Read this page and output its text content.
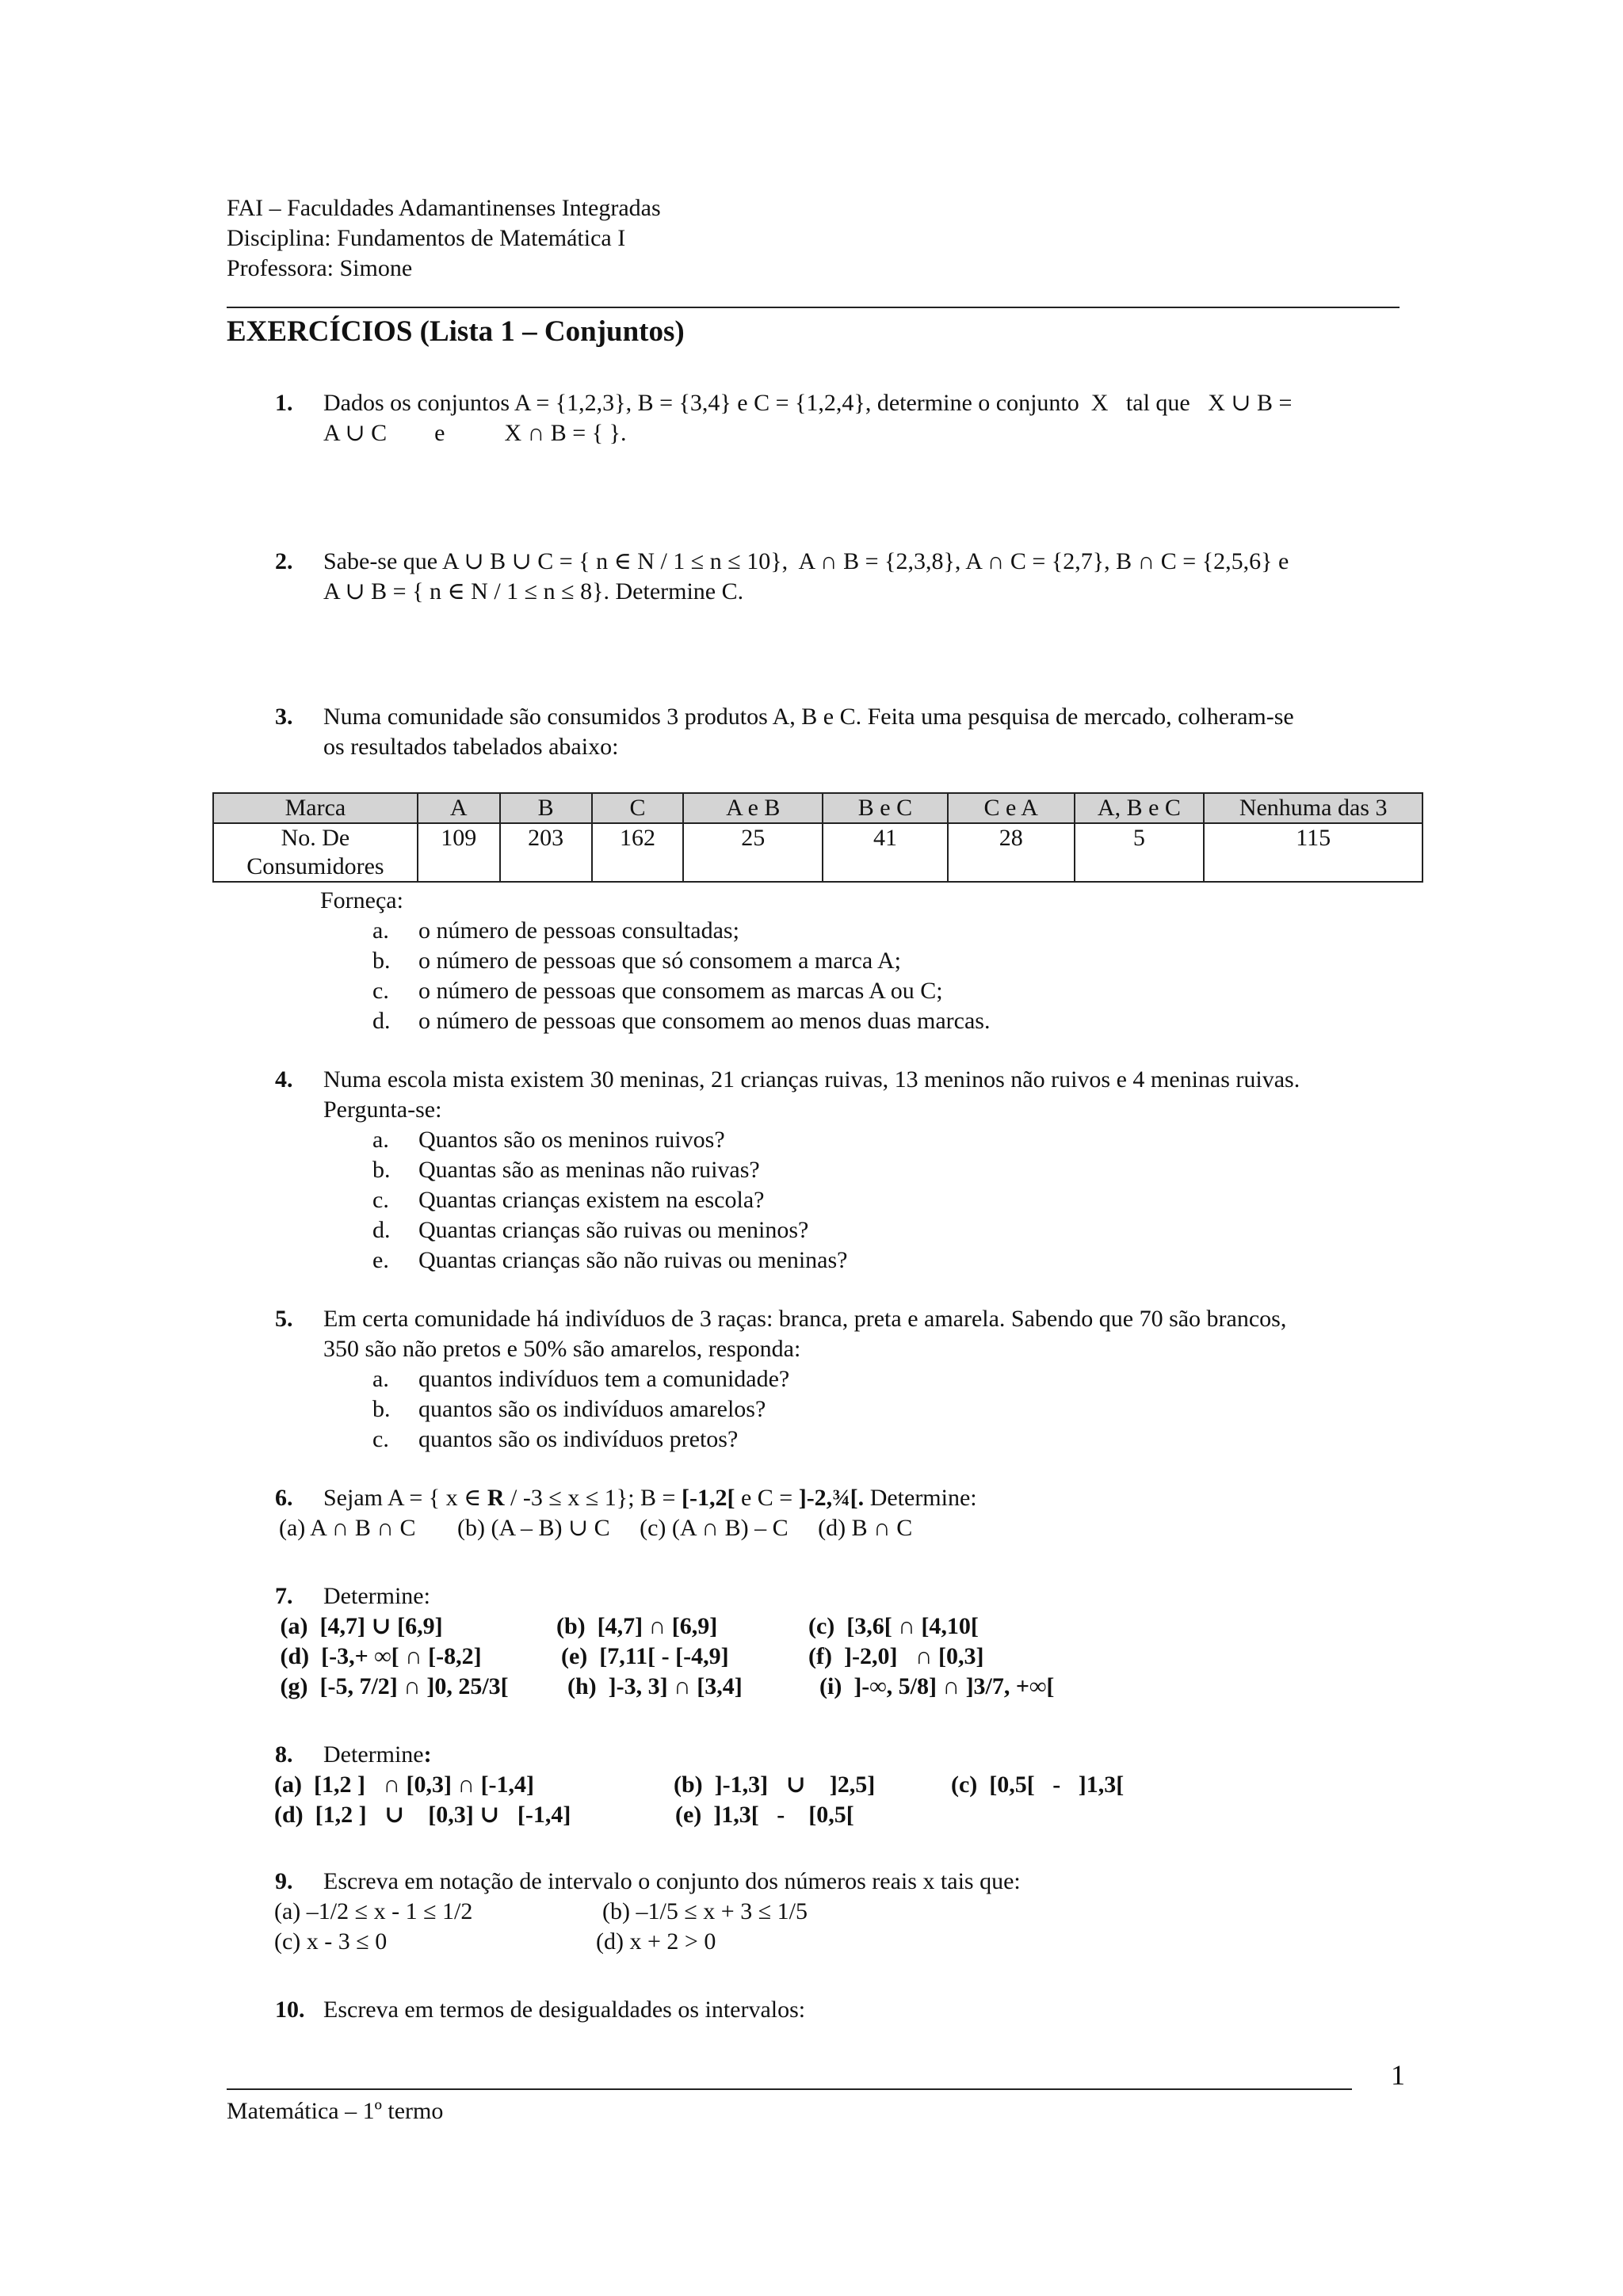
FAI – Faculdades Adamantinenses Integradas
Disciplina: Fundamentos de Matemática I
Professora: Simone
EXERCÍCIOS (Lista 1 – Conjuntos)
1. Dados os conjuntos A = {1,2,3}, B = {3,4} e C = {1,2,4}, determine o conjunto  X   tal que   X ∪ B =
A ∪ C        e          X ∩ B = { }.
2. Sabe-se que A ∪ B ∪ C = { n ∈ N / 1 ≤ n ≤ 10},  A ∩ B = {2,3,8}, A ∩ C = {2,7}, B ∩ C = {2,5,6} e
A ∪ B = { n ∈ N / 1 ≤ n ≤ 8}. Determine C.
3. Numa comunidade são consumidos 3 produtos A, B e C. Feita uma pesquisa de mercado, colheram-se
os resultados tabelados abaixo:
Marca	A	B	C	A e B	B e C	C e A	A, B e C	Nenhuma das 3

No. De
Consumidores	109	203	162	25	41	28	5	115
Forneça:
a. o número de pessoas consultadas;
b. o número de pessoas que só consomem a marca A;
c. o número de pessoas que consomem as marcas A ou C;
d. o número de pessoas que consomem ao menos duas marcas.
4. Numa escola mista existem 30 meninas, 21 crianças ruivas, 13 meninos não ruivos e 4 meninas ruivas.
Pergunta-se:
a. Quantos são os meninos ruivos?
b. Quantas são as meninas não ruivas?
c. Quantas crianças existem na escola?
d. Quantas crianças são ruivas ou meninos?
e. Quantas crianças são não ruivas ou meninas?
5. Em certa comunidade há indivíduos de 3 raças: branca, preta e amarela. Sabendo que 70 são brancos,
350 são não pretos e 50% são amarelos, responda:
a. quantos indivíduos tem a comunidade?
b. quantos são os indivíduos amarelos?
c. quantos são os indivíduos pretos?
6. Sejam A = { x ∈ R / -3 ≤ x ≤ 1}; B = [-1,2[ e C = ]-2,¾[. Determine:
(a) A ∩ B ∩ C       (b) (A – B) ∪ C     (c) (A ∩ B) – C     (d) B ∩ C
7. Determine:
(a)  [4,7] ∪ [6,9]	(b)  [4,7] ∩ [6,9]	(c)  [3,6[ ∩ [4,10[
(d)  [-3,+ ∞[ ∩ [-8,2]	(e)  [7,11[ - [-4,9]	(f)  ]-2,0]   ∩ [0,3]
(g)  [-5, 7/2] ∩ ]0, 25/3[ (h)  ]-3, 3] ∩ [3,4]	(i)  ]-∞, 5/8] ∩ ]3/7, +∞[
8. Determine:
(a)  [1,2 ]   ∩ [0,3] ∩ [-1,4]	(b)  ]-1,3]   ∪    ]2,5]	(c)  [0,5[   -   ]1,3[
(d)  [1,2 ]   ∪    [0,3] ∪   [-1,4]	(e)  ]1,3[   -    [0,5[
9. Escreva em notação de intervalo o conjunto dos números reais x tais que:
(a) –1/2 ≤ x - 1 ≤ 1/2	(b) –1/5 ≤ x + 3 ≤ 1/5
(c) x - 3 ≤ 0	(d) x + 2 > 0
10. Escreva em termos de desigualdades os intervalos:
1
Matemática – 1º termo
